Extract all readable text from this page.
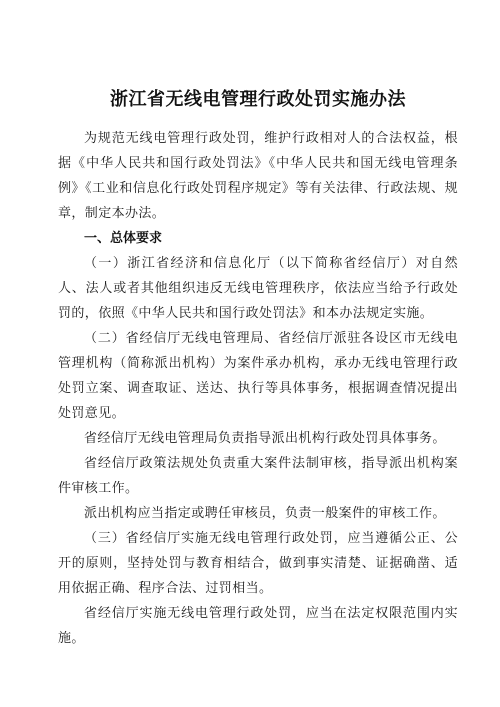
浙江省无线电管理行政处罚实施办法

为规范无线电管理行政处罚，维护行政相对人的合法权益，根据《中华人民共和国行政处罚法》《中华人民共和国无线电管理条例》《工业和信息化行政处罚程序规定》等有关法律、行政法规、规章，制定本办法。

一、总体要求

（一）浙江省经济和信息化厅（以下简称省经信厅）对自然人、法人或者其他组织违反无线电管理秩序，依法应当给予行政处罚的，依照《中华人民共和国行政处罚法》和本办法规定实施。

（二）省经信厅无线电管理局、省经信厅派驻各设区市无线电管理机构（简称派出机构）为案件承办机构，承办无线电管理行政处罚立案、调查取证、送达、执行等具体事务，根据调查情况提出处罚意见。

省经信厅无线电管理局负责指导派出机构行政处罚具体事务。

省经信厅政策法规处负责重大案件法制审核，指导派出机构案件审核工作。

派出机构应当指定或聘任审核员，负责一般案件的审核工作。

（三）省经信厅实施无线电管理行政处罚，应当遵循公正、公开的原则，坚持处罚与教育相结合，做到事实清楚、证据确凿、适用依据正确、程序合法、过罚相当。

省经信厅实施无线电管理行政处罚，应当在法定权限范围内实施。
